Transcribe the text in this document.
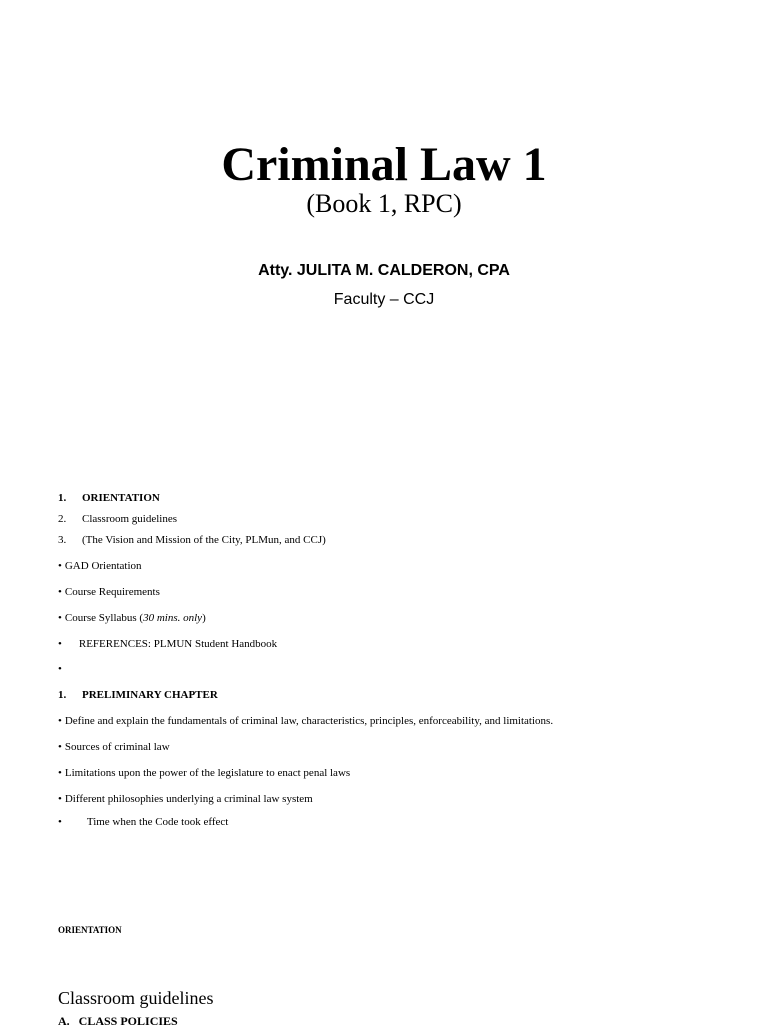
Criminal Law 1
(Book 1, RPC)
Atty. JULITA M. CALDERON, CPA
Faculty – CCJ
1. ORIENTATION
2. Classroom guidelines
3. (The Vision and Mission of the City, PLMun, and CCJ)
• GAD Orientation
• Course Requirements
• Course Syllabus (30 mins. only)
• REFERENCES: PLMUN Student Handbook
•
1. PRELIMINARY CHAPTER
• Define and explain the fundamentals of criminal law, characteristics, principles, enforceability, and limitations.
• Sources of criminal law
• Limitations upon the power of the legislature to enact penal laws
• Different philosophies underlying a criminal law system
• Time when the Code took effect
ORIENTATION
Classroom guidelines
A.   CLASS POLICIES
